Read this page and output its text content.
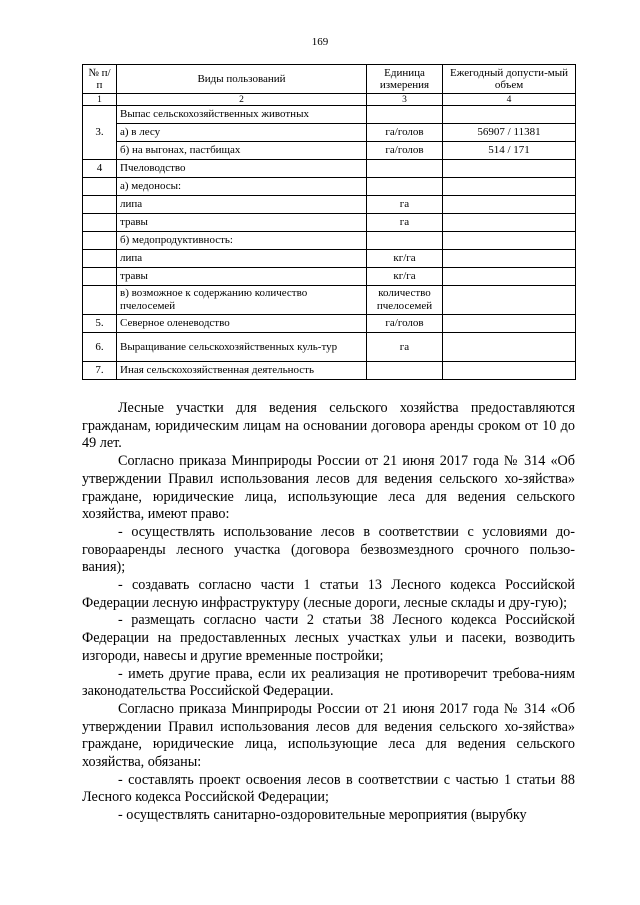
169
№ п/п	Виды пользований	Единица измерения	Ежегодный допусти-мый объем
1	2	3	4
3.	Выпас сельскохозяйственных животных		
	а) в лесу	га/голов	56907 / 11381
	б) на выгонах, пастбищах	га/голов	514 / 171
4	Пчеловодство		
	а) медоносы:		
	липа	га	
	травы	га	
	б) медопродуктивность:		
	липа	кг/га	
	травы	кг/га	
	в) возможное к содержанию количество пчелосемей	количество пчелосемей	
5.	Северное оленеводство	га/голов	
6.	Выращивание сельскохозяйственных куль-тур	га	
7.	Иная сельскохозяйственная деятельность		

Лесные участки для ведения сельского хозяйства предоставляются гражданам, юридическим лицам на основании договора аренды сроком от 10 до 49 лет.

Согласно приказа Минприроды России от 21 июня 2017 года № 314 «Об утверждении Правил использования лесов для ведения сельского хо-зяйства» граждане, юридические лица, использующие леса для ведения сельского хозяйства, имеют право:

- осуществлять использование лесов в соответствии с условиями до-говорааренды лесного участка (договора безвозмездного срочного пользо-вания);

- создавать согласно части 1 статьи 13 Лесного кодекса Российской Федерации лесную инфраструктуру (лесные дороги, лесные склады и дру-гую);

- размещать согласно части 2 статьи 38 Лесного кодекса Российской Федерации на предоставленных лесных участках ульи и пасеки, возводить изгороди, навесы и другие временные постройки;

- иметь другие права, если их реализация не противоречит требова-ниям законодательства Российской Федерации.

Согласно приказа Минприроды России от 21 июня 2017 года № 314 «Об утверждении Правил использования лесов для ведения сельского хо-зяйства» граждане, юридические лица, использующие леса для ведения сельского хозяйства, обязаны:

- составлять проект освоения лесов в соответствии с частью 1 статьи 88 Лесного кодекса Российской Федерации;

- осуществлять санитарно-оздоровительные мероприятия (вырубку
